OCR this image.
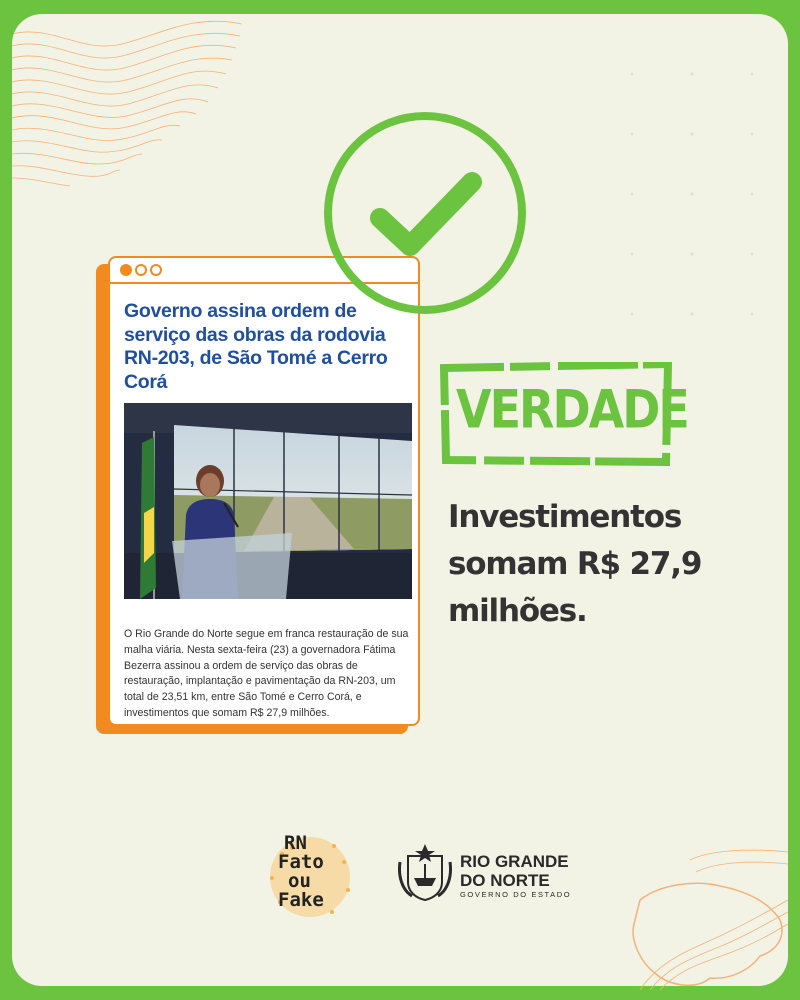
Governo assina ordem de
serviço das obras da rodovia
RN-203, de São Tomé a Cerro
Corá
O Rio Grande do Norte segue em franca restauração de sua
malha viária. Nesta sexta-feira (23) a governadora Fátima
Bezerra assinou a ordem de serviço das obras de
restauração, implantação e pavimentação da RN-203, um
total de 23,51 km, entre São Tomé e Cerro Corá, e
investimentos que somam R$ 27,9 milhões.
VERDADE
Investimentos
somam R$ 27,9
milhões.
RN
Fato
ou
Fake
RIO GRANDE
DO NORTE
GOVERNO DO ESTADO
